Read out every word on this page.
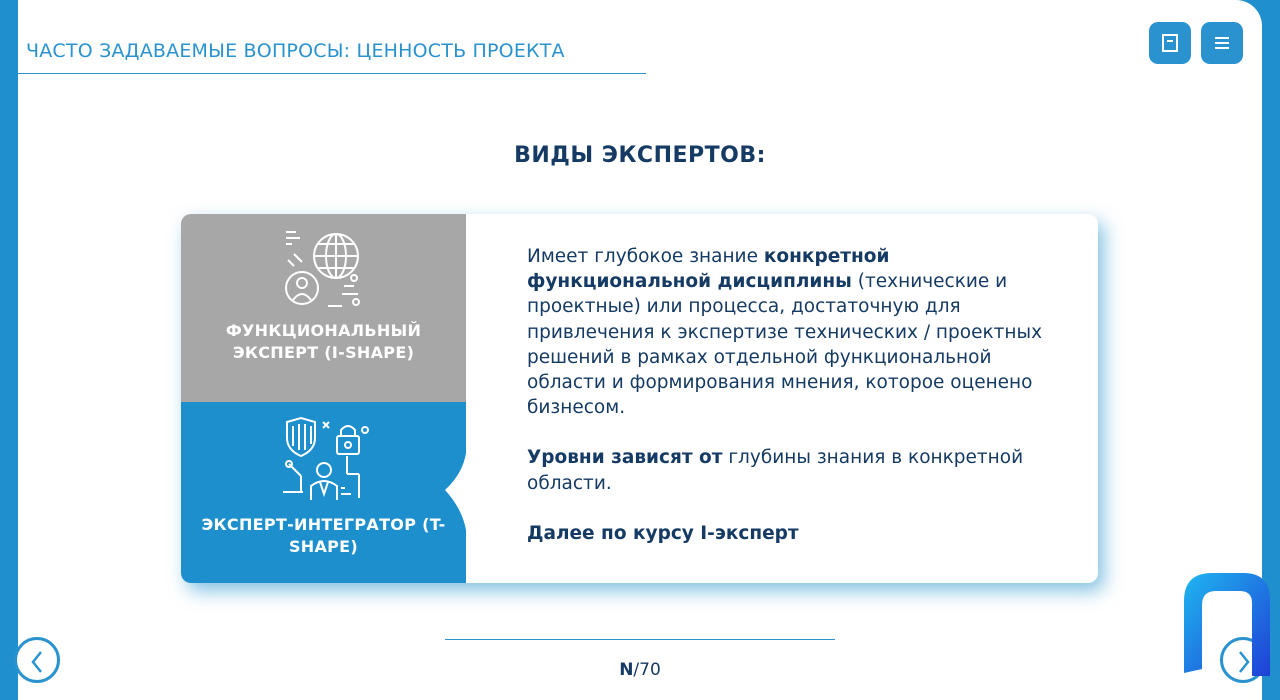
ЧАСТО ЗАДАВАЕМЫЕ ВОПРОСЫ: ЦЕННОСТЬ ПРОЕКТА
ВИДЫ ЭКСПЕРТОВ:
ФУНКЦИОНАЛЬНЫЙ ЭКСПЕРТ (I-SHAPE)
ЭКСПЕРТ-ИНТЕГРАТОР (T-SHAPE)

Имеет глубокое знание конкретной функциональной дисциплины (технические и проектные) или процесса, достаточную для привлечения к экспертизе технических / проектных решений в рамках отдельной функциональной области и формирования мнения, которое оценено бизнесом.

Уровни зависят от глубины знания в конкретной области.

Далее по курсу I-эксперт

N/70
